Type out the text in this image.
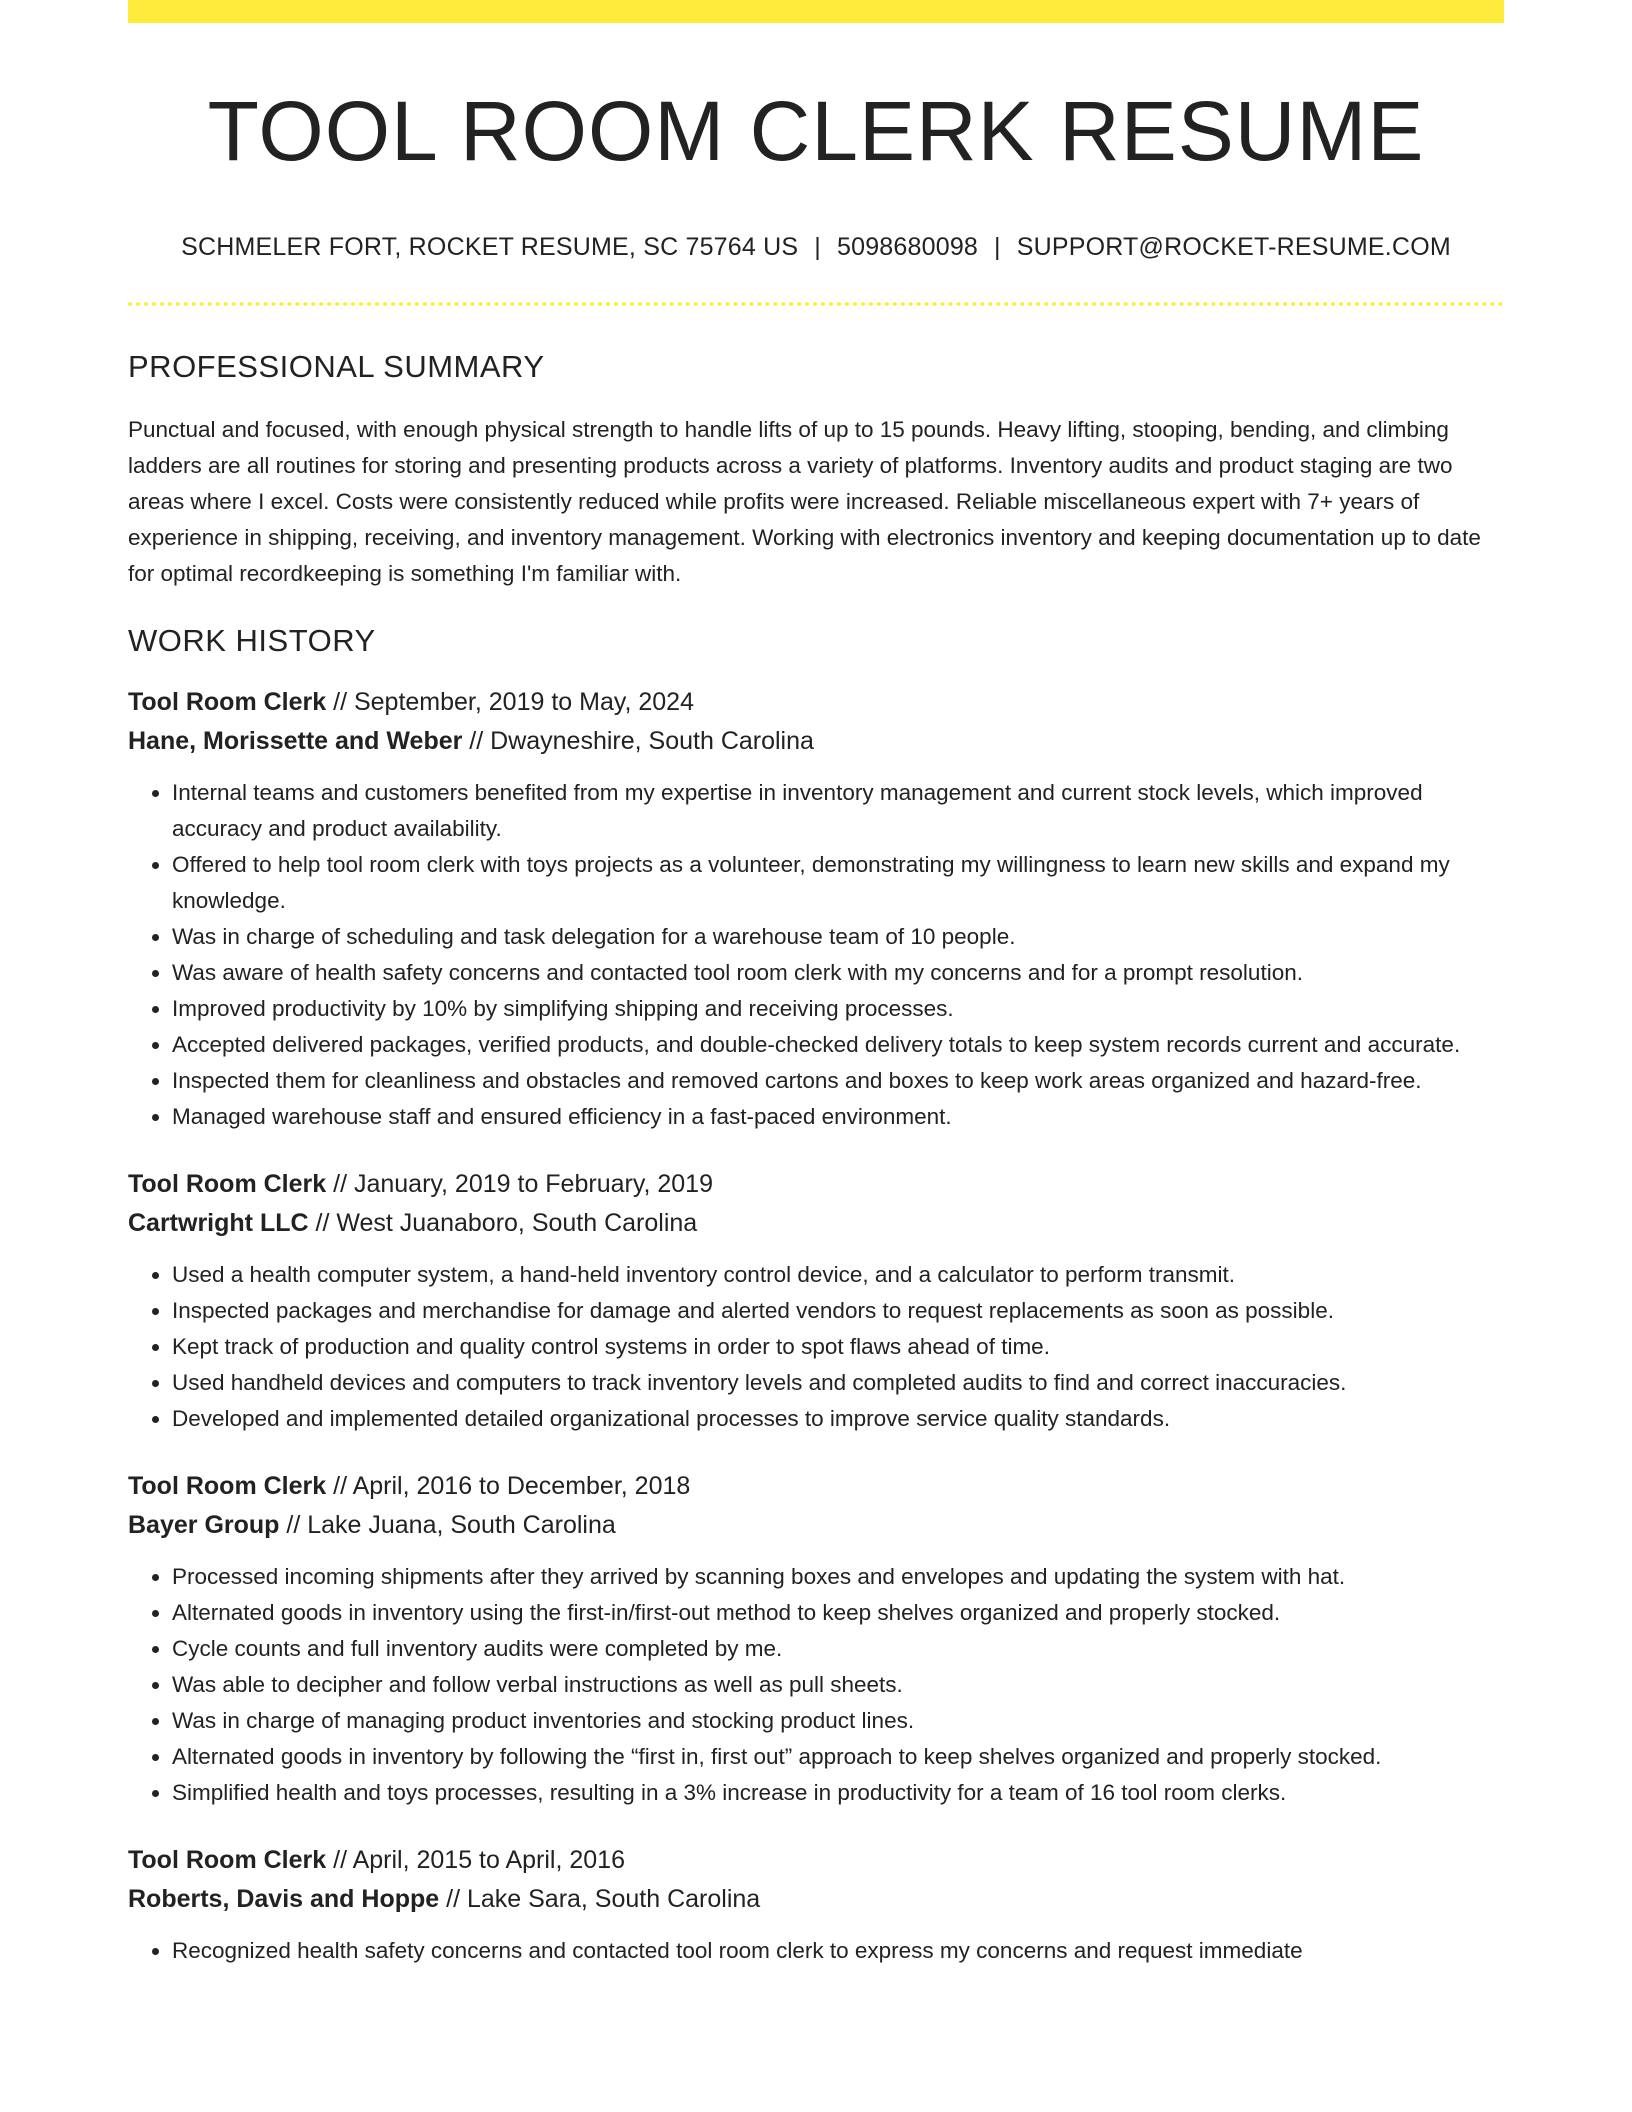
TOOL ROOM CLERK RESUME
SCHMELER FORT, ROCKET RESUME, SC 75764 US | 5098680098 | SUPPORT@ROCKET-RESUME.COM
PROFESSIONAL SUMMARY

Punctual and focused, with enough physical strength to handle lifts of up to 15 pounds. Heavy lifting, stooping, bending, and climbing ladders are all routines for storing and presenting products across a variety of platforms. Inventory audits and product staging are two areas where I excel. Costs were consistently reduced while profits were increased. Reliable miscellaneous expert with 7+ years of experience in shipping, receiving, and inventory management. Working with electronics inventory and keeping documentation up to date for optimal recordkeeping is something I'm familiar with.

WORK HISTORY
Tool Room Clerk // September, 2019 to May, 2024
Hane, Morissette and Weber // Dwayneshire, South Carolina
• Internal teams and customers benefited from my expertise in inventory management and current stock levels, which improved accuracy and product availability.
• Offered to help tool room clerk with toys projects as a volunteer, demonstrating my willingness to learn new skills and expand my knowledge.
• Was in charge of scheduling and task delegation for a warehouse team of 10 people.
• Was aware of health safety concerns and contacted tool room clerk with my concerns and for a prompt resolution.
• Improved productivity by 10% by simplifying shipping and receiving processes.
• Accepted delivered packages, verified products, and double-checked delivery totals to keep system records current and accurate.
• Inspected them for cleanliness and obstacles and removed cartons and boxes to keep work areas organized and hazard-free.
• Managed warehouse staff and ensured efficiency in a fast-paced environment.
Tool Room Clerk // January, 2019 to February, 2019
Cartwright LLC // West Juanaboro, South Carolina
• Used a health computer system, a hand-held inventory control device, and a calculator to perform transmit.
• Inspected packages and merchandise for damage and alerted vendors to request replacements as soon as possible.
• Kept track of production and quality control systems in order to spot flaws ahead of time.
• Used handheld devices and computers to track inventory levels and completed audits to find and correct inaccuracies.
• Developed and implemented detailed organizational processes to improve service quality standards.
Tool Room Clerk // April, 2016 to December, 2018
Bayer Group // Lake Juana, South Carolina
• Processed incoming shipments after they arrived by scanning boxes and envelopes and updating the system with hat.
• Alternated goods in inventory using the first-in/first-out method to keep shelves organized and properly stocked.
• Cycle counts and full inventory audits were completed by me.
• Was able to decipher and follow verbal instructions as well as pull sheets.
• Was in charge of managing product inventories and stocking product lines.
• Alternated goods in inventory by following the “first in, first out” approach to keep shelves organized and properly stocked.
• Simplified health and toys processes, resulting in a 3% increase in productivity for a team of 16 tool room clerks.
Tool Room Clerk // April, 2015 to April, 2016
Roberts, Davis and Hoppe // Lake Sara, South Carolina
• Recognized health safety concerns and contacted tool room clerk to express my concerns and request immediate
